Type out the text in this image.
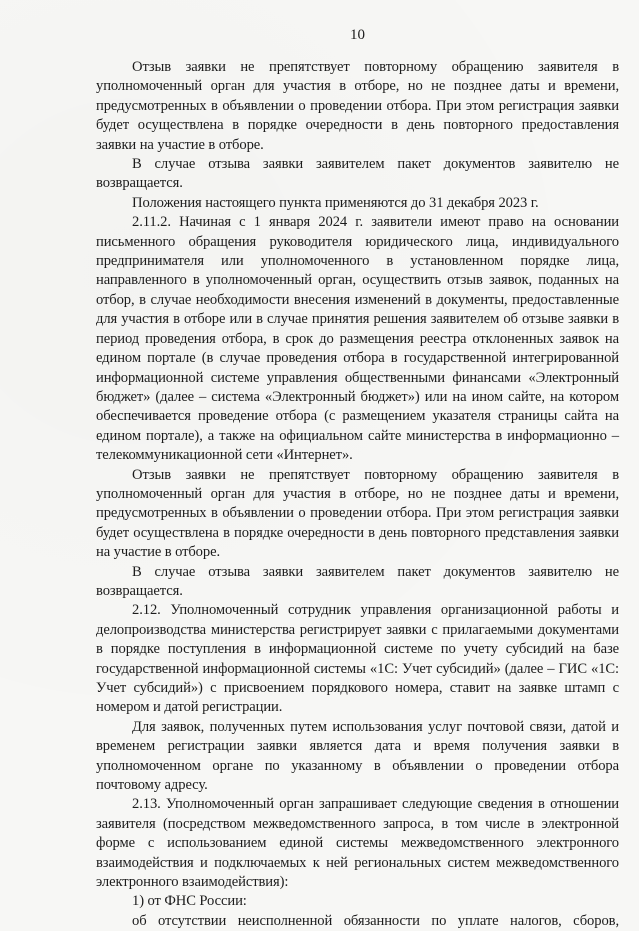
10

Отзыв заявки не препятствует повторному обращению заявителя в уполномоченный орган для участия в отборе, но не позднее даты и времени, предусмотренных в объявлении о проведении отбора. При этом регистрация заявки будет осуществлена в порядке очередности в день повторного предоставления заявки на участие в отборе.

В случае отзыва заявки заявителем пакет документов заявителю не возвращается.

Положения настоящего пункта применяются до 31 декабря 2023 г.

2.11.2. Начиная с 1 января 2024 г. заявители имеют право на основании письменного обращения руководителя юридического лица, индивидуального предпринимателя или уполномоченного в установленном порядке лица, направленного в уполномоченный орган, осуществить отзыв заявок, поданных на отбор, в случае необходимости внесения изменений в документы, предоставленные для участия в отборе или в случае принятия решения заявителем об отзыве заявки в период проведения отбора, в срок до размещения реестра отклоненных заявок на едином портале (в случае проведения отбора в государственной интегрированной информационной системе управления общественными финансами «Электронный бюджет» (далее – система «Электронный бюджет») или на ином сайте, на котором обеспечивается проведение отбора (с размещением указателя страницы сайта на едином портале), а также на официальном сайте министерства в информационно – телекоммуникационной сети «Интернет».

Отзыв заявки не препятствует повторному обращению заявителя в уполномоченный орган для участия в отборе, но не позднее даты и времени, предусмотренных в объявлении о проведении отбора. При этом регистрация заявки будет осуществлена в порядке очередности в день повторного представления заявки на участие в отборе.

В случае отзыва заявки заявителем пакет документов заявителю не возвращается.

2.12. Уполномоченный сотрудник управления организационной работы и делопроизводства министерства регистрирует заявки с прилагаемыми документами в порядке поступления в информационной системе по учету субсидий на базе государственной информационной системы «1С: Учет субсидий» (далее – ГИС «1С: Учет субсидий») с присвоением порядкового номера, ставит на заявке штамп с номером и датой регистрации.

Для заявок, полученных путем использования услуг почтовой связи, датой и временем регистрации заявки является дата и время получения заявки в уполномоченном органе по указанному в объявлении о проведении отбора почтовому адресу.

2.13. Уполномоченный орган запрашивает следующие сведения в отношении заявителя (посредством межведомственного запроса, в том числе в электронной форме с использованием единой системы межведомственного электронного взаимодействия и подключаемых к ней региональных систем межведомственного электронного взаимодействия):

1) от ФНС России:

об отсутствии неисполненной обязанности по уплате налогов, сборов,
